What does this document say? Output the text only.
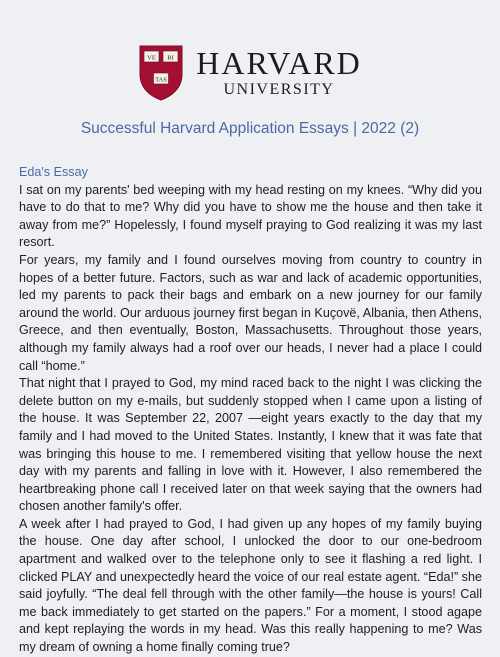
VE RI
TAS HARVARD
UNIVERSITY
Successful Harvard Application Essays | 2022 (2)
Eda's Essay

I sat on my parents' bed weeping with my head resting on my knees. “Why did you have to do that to me? Why did you have to show me the house and then take it away from me?” Hopelessly, I found myself praying to God realizing it was my last resort.

For years, my family and I found ourselves moving from country to country in hopes of a better future. Factors, such as war and lack of academic opportunities, led my parents to pack their bags and embark on a new journey for our family around the world. Our arduous journey first began in Kuçovë, Albania, then Athens, Greece, and then eventually, Boston, Massachusetts. Throughout those years, although my family always had a roof over our heads, I never had a place I could call “home.”

That night that I prayed to God, my mind raced back to the night I was clicking the delete button on my e-mails, but suddenly stopped when I came upon a listing of the house. It was September 22, 2007 —eight years exactly to the day that my family and I had moved to the United States. Instantly, I knew that it was fate that was bringing this house to me. I remembered visiting that yellow house the next day with my parents and falling in love with it. However, I also remembered the heartbreaking phone call I received later on that week saying that the owners had chosen another family's offer.

A week after I had prayed to God, I had given up any hopes of my family buying the house. One day after school, I unlocked the door to our one-bedroom apartment and walked over to the telephone only to see it flashing a red light. I clicked PLAY and unexpectedly heard the voice of our real estate agent. “Eda!” she said joyfully. “The deal fell through with the other family—the house is yours! Call me back immediately to get started on the papers.” For a moment, I stood agape and kept replaying the words in my head. Was this really happening to me? Was my dream of owning a home finally coming true?
